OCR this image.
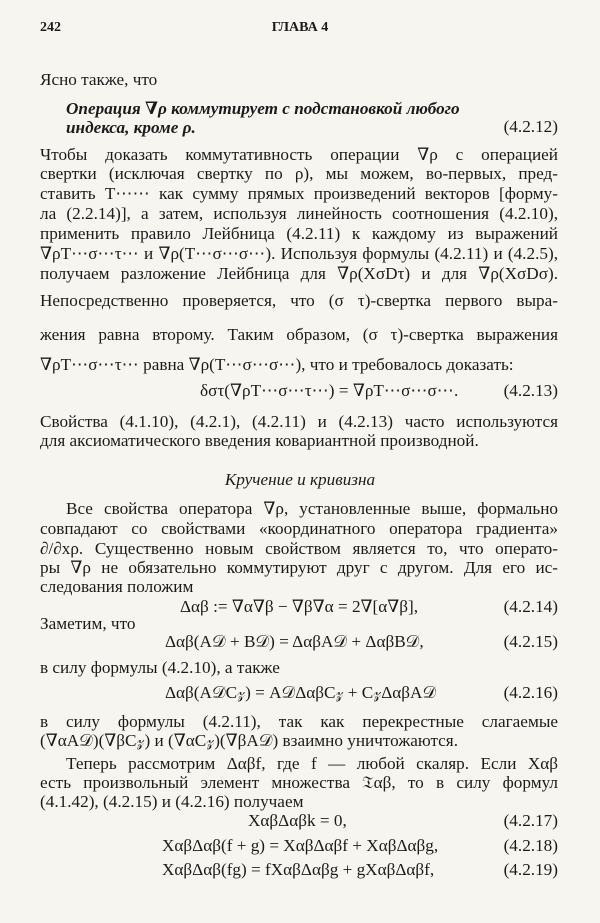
242	ГЛАВА 4
Ясно также, что
Операция ∇ρ коммутирует с подстановкой любого
индекса, кроме ρ.	(4.2.12)
Чтобы доказать коммутативность операции ∇ρ с операцией
свертки (исключая свертку по ρ), мы можем, во-первых, пред-
ставить T⋯⋯ как сумму прямых произведений векторов [форму-
ла (2.2.14)], а затем, используя линейность соотношения (4.2.10),
применить правило Лейбница (4.2.11) к каждому из выражений
∇ρT⋯σ⋯τ⋯ и ∇ρ(T⋯σ⋯σ⋯). Используя формулы (4.2.11) и (4.2.5),
получаем разложение Лейбница для ∇ρ(XσDτ) и для ∇ρ(XσDσ).
Непосредственно проверяется, что (σ τ)-свертка первого выра-
жения равна второму. Таким образом, (σ τ)-свертка выражения
∇ρT⋯σ⋯τ⋯ равна ∇ρ(T⋯σ⋯σ⋯), что и требовалось доказать:
δστ(∇ρT⋯σ⋯τ⋯) = ∇ρT⋯σ⋯σ⋯.	(4.2.13)
Свойства (4.1.10), (4.2.1), (4.2.11) и (4.2.13) часто используются
для аксиоматического введения ковариантной производной.
Кручение и кривизна
Все свойства оператора ∇ρ, установленные выше, формально
совпадают со свойствами «координатного оператора градиента»
∂/∂xρ. Существенно новым свойством является то, что операто-
ры ∇ρ не обязательно коммутируют друг с другом. Для его ис-
следования положим
Δαβ := ∇α∇β − ∇β∇α = 2∇[α∇β],	(4.2.14)
Заметим, что
Δαβ(A𝒟 + B𝒟) = ΔαβA𝒟 + ΔαβB𝒟,	(4.2.15)
в силу формулы (4.2.10), а также
Δαβ(A𝒟C𝓏) = A𝒟ΔαβC𝓏 + C𝓏ΔαβA𝒟	(4.2.16)
в силу формулы (4.2.11), так как перекрестные слагаемые
(∇αA𝒟)(∇βC𝓏) и (∇αC𝓏)(∇βA𝒟) взаимно уничтожаются.
Теперь рассмотрим Δαβf, где f — любой скаляр. Если Xαβ
есть произвольный элемент множества 𝔗αβ, то в силу формул
(4.1.42), (4.2.15) и (4.2.16) получаем
XαβΔαβk = 0,	(4.2.17)
XαβΔαβ(f + g) = XαβΔαβf + XαβΔαβg,	(4.2.18)
XαβΔαβ(fg) = fXαβΔαβg + gXαβΔαβf,	(4.2.19)
